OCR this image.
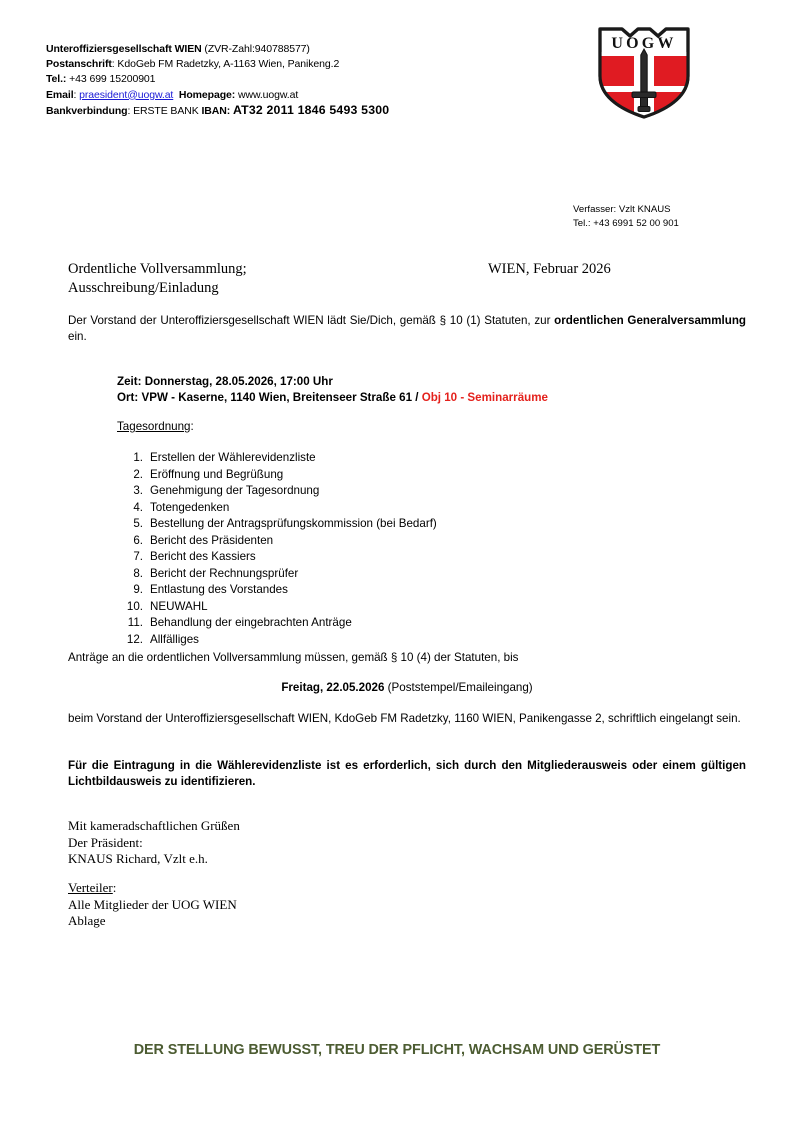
Unteroffiziersgesellschaft WIEN (ZVR-Zahl:940788577)
Postanschrift: KdoGeb FM Radetzky, A-1163 Wien, Panikeng.2
Tel.: +43 699 15200901
Email: praesident@uogw.at Homepage: www.uogw.at
Bankverbindung: ERSTE BANK IBAN: AT32 2011 1846 5493 5300
UOGW
Verfasser: Vzlt KNAUS
Tel.: +43 6991 52 00 901
Ordentliche Vollversammlung;	WIEN, Februar 2026
Ausschreibung/Einladung
Der Vorstand der Unteroffiziersgesellschaft WIEN lädt Sie/Dich, gemäß § 10 (1) Statuten, zur ordentlichen Generalversammlung ein.
Zeit: Donnerstag, 28.05.2026, 17:00 Uhr
Ort: VPW - Kaserne, 1140 Wien, Breitenseer Straße 61 / Obj 10 - Seminarräume
Tagesordnung:
1. Erstellen der Wählerevidenzliste
2. Eröffnung und Begrüßung
3. Genehmigung der Tagesordnung
4. Totengedenken
5. Bestellung der Antragsprüfungskommission (bei Bedarf)
6. Bericht des Präsidenten
7. Bericht des Kassiers
8. Bericht der Rechnungsprüfer
9. Entlastung des Vorstandes
10. NEUWAHL
11. Behandlung der eingebrachten Anträge
12. Allfälliges
Anträge an die ordentlichen Vollversammlung müssen, gemäß § 10 (4) der Statuten, bis
Freitag, 22.05.2026 (Poststempel/Emaileingang)
beim Vorstand der Unteroffiziersgesellschaft WIEN, KdoGeb FM Radetzky, 1160 WIEN, Panikengasse 2, schriftlich eingelangt sein.
Für die Eintragung in die Wählerevidenzliste ist es erforderlich, sich durch den Mitgliederausweis oder einem gültigen Lichtbildausweis zu identifizieren.
Mit kameradschaftlichen Grüßen
Der Präsident:
KNAUS Richard, Vzlt e.h.
Verteiler:
Alle Mitglieder der UOG WIEN
Ablage
DER STELLUNG BEWUSST, TREU DER PFLICHT, WACHSAM UND GERÜSTET
